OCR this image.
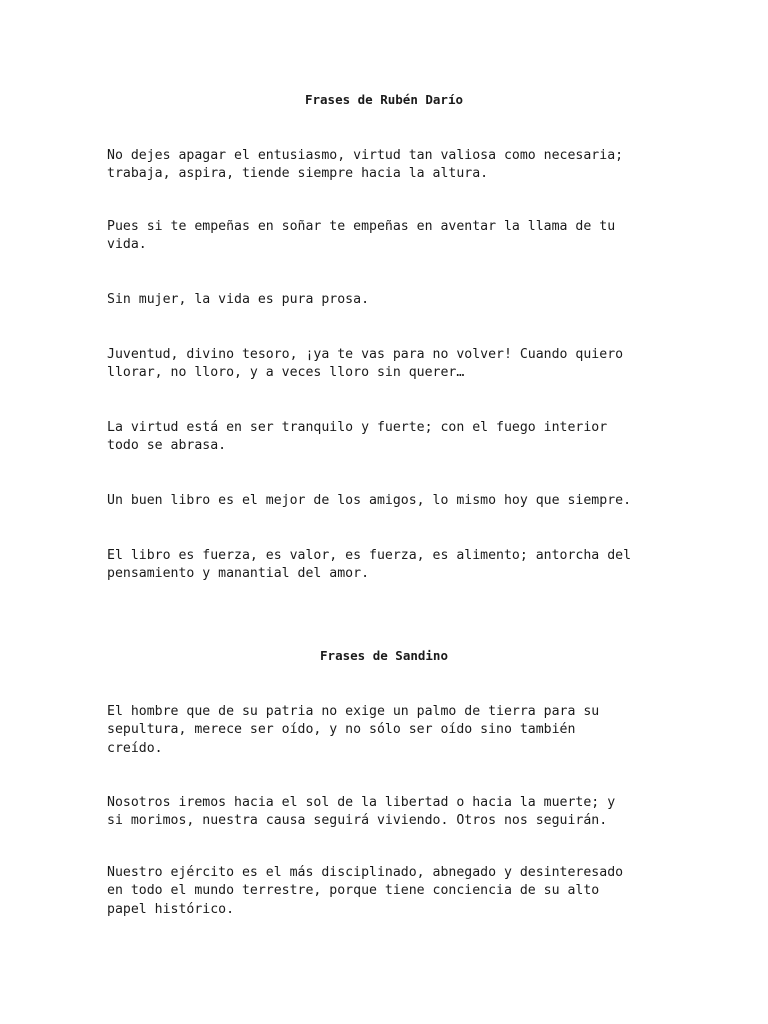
Frases de Rubén Darío
No dejes apagar el entusiasmo, virtud tan valiosa como necesaria;
trabaja, aspira, tiende siempre hacia la altura.
Pues si te empeñas en soñar te empeñas en aventar la llama de tu
vida.
Sin mujer, la vida es pura prosa.
Juventud, divino tesoro, ¡ya te vas para no volver! Cuando quiero
llorar, no lloro, y a veces lloro sin querer…
La virtud está en ser tranquilo y fuerte; con el fuego interior
todo se abrasa.
Un buen libro es el mejor de los amigos, lo mismo hoy que siempre.
El libro es fuerza, es valor, es fuerza, es alimento; antorcha del
pensamiento y manantial del amor.
Frases de Sandino
El hombre que de su patria no exige un palmo de tierra para su
sepultura, merece ser oído, y no sólo ser oído sino también
creído.
Nosotros iremos hacia el sol de la libertad o hacia la muerte; y
si morimos, nuestra causa seguirá viviendo. Otros nos seguirán.
Nuestro ejército es el más disciplinado, abnegado y desinteresado
en todo el mundo terrestre, porque tiene conciencia de su alto
papel histórico.
